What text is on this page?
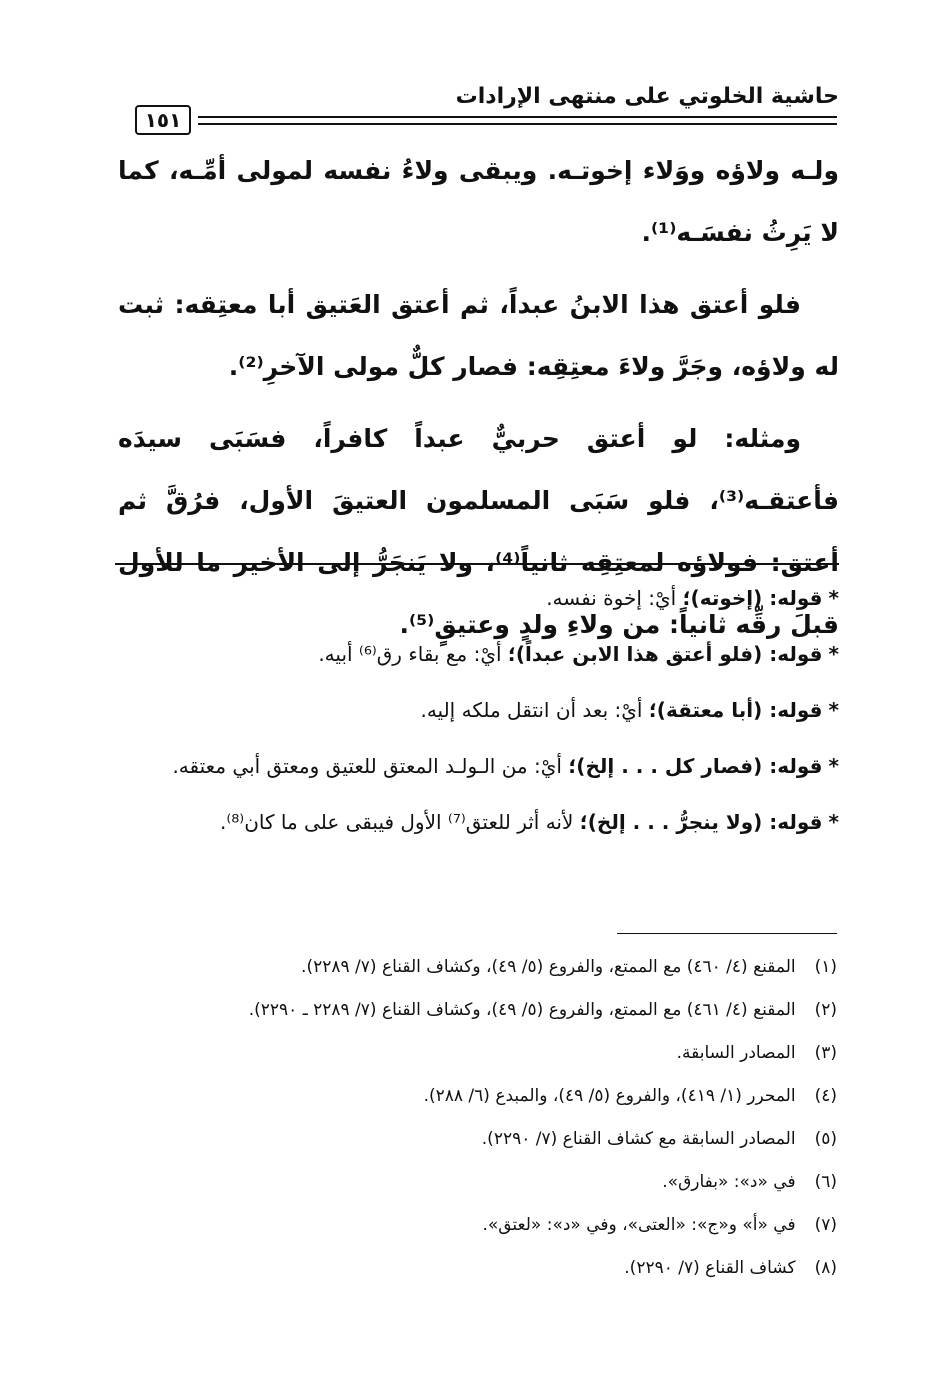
حاشية الخلوتي على منتهى الإرادات
١٥١

ولـه ولاؤه ووَلاء إخوتـه. ويبقى ولاءُ نفسه لمولى أمِّـه، كما لا يَرِثُ نفسَـه⁽¹⁾.

فلو أعتق هذا الابنُ عبداً، ثم أعتق العَتيق أبا معتِقه: ثبت له ولاؤه، وجَرَّ ولاءَ معتِقِه: فصار كلٌّ مولى الآخرِ⁽²⁾.

ومثله: لو أعتق حربيٌّ عبداً كافراً، فسَبَى سيدَه فأعتقـه⁽³⁾، فلو سَبَى المسلمون العتيقَ الأول، فرُقَّ ثم أعتق: فولاؤه لمعتِقِه ثانياً⁽⁴⁾، ولا يَنجَرُّ إلى الأخير ما للأول قبلَ رقِّه ثانياً: من ولاءِ ولدٍ وعتيقٍ⁽⁵⁾.

*قوله: (إخوته)؛ أيْ: إخوة نفسه.

*قوله: (فلو أعتق هذا الابن عبداً)؛ أيْ: مع بقاء رق⁽⁶⁾ أبيه.

*قوله: (أبا معتقة)؛ أيْ: بعد أن انتقل ملكه إليه.

*قوله: (فصار كل . . . إلخ)؛ أيْ: من الـولـد المعتق للعتيق ومعتق أبي معتقه.

*قوله: (ولا ينجرُّ . . . إلخ)؛ لأنه أثر للعتق⁽⁷⁾ الأول فيبقى على ما كان⁽⁸⁾.

(١) المقنع (٤/ ٤٦٠) مع الممتع، والفروع (٥/ ٤٩)، وكشاف القناع (٧/ ٢٢٨٩).

(٢) المقنع (٤/ ٤٦١) مع الممتع، والفروع (٥/ ٤٩)، وكشاف القناع (٧/ ٢٢٨٩ ـ ٢٢٩٠).

(٣) المصادر السابقة.

(٤) المحرر (١/ ٤١٩)، والفروع (٥/ ٤٩)، والمبدع (٦/ ٢٨٨).

(٥) المصادر السابقة مع كشاف القناع (٧/ ٢٢٩٠).

(٦) في «د»: «بفارق».

(٧) في «أ» و«ج»: «العتى»، وفي «د»: «لعتق».

(٨) كشاف القناع (٧/ ٢٢٩٠).
